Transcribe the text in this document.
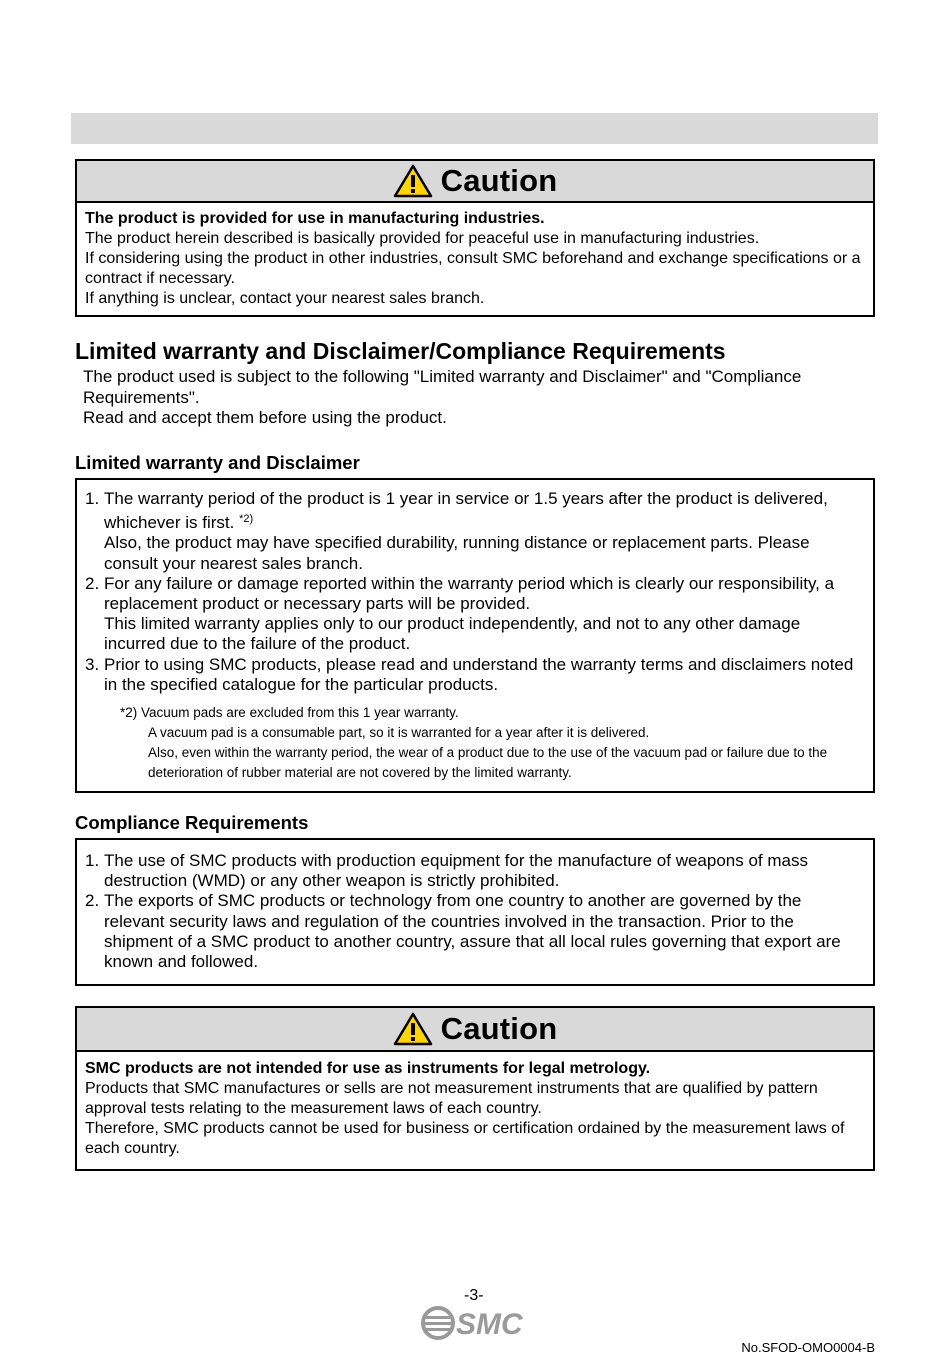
Caution
The product is provided for use in manufacturing industries.
The product herein described is basically provided for peaceful use in manufacturing industries.
If considering using the product in other industries, consult SMC beforehand and exchange specifications or a contract if necessary.
If anything is unclear, contact your nearest sales branch.
Limited warranty and Disclaimer/Compliance Requirements
The product used is subject to the following "Limited warranty and Disclaimer" and "Compliance Requirements".
Read and accept them before using the product.
Limited warranty and Disclaimer
1. The warranty period of the product is 1 year in service or 1.5 years after the product is delivered, whichever is first. $^{*2)}$
Also, the product may have specified durability, running distance or replacement parts. Please consult your nearest sales branch.
2. For any failure or damage reported within the warranty period which is clearly our responsibility, a replacement product or necessary parts will be provided.
This limited warranty applies only to our product independently, and not to any other damage incurred due to the failure of the product.
3. Prior to using SMC products, please read and understand the warranty terms and disclaimers noted in the specified catalogue for the particular products.
*2) Vacuum pads are excluded from this 1 year warranty.
A vacuum pad is a consumable part, so it is warranted for a year after it is delivered.
Also, even within the warranty period, the wear of a product due to the use of the vacuum pad or failure due to the deterioration of rubber material are not covered by the limited warranty.
Compliance Requirements
1. The use of SMC products with production equipment for the manufacture of weapons of mass destruction (WMD) or any other weapon is strictly prohibited.
2. The exports of SMC products or technology from one country to another are governed by the relevant security laws and regulation of the countries involved in the transaction. Prior to the shipment of a SMC product to another country, assure that all local rules governing that export are known and followed.
Caution
SMC products are not intended for use as instruments for legal metrology.
Products that SMC manufactures or sells are not measurement instruments that are qualified by pattern approval tests relating to the measurement laws of each country.
Therefore, SMC products cannot be used for business or certification ordained by the measurement laws of each country.
-3-
SMC
No.SFOD-OMO0004-B
